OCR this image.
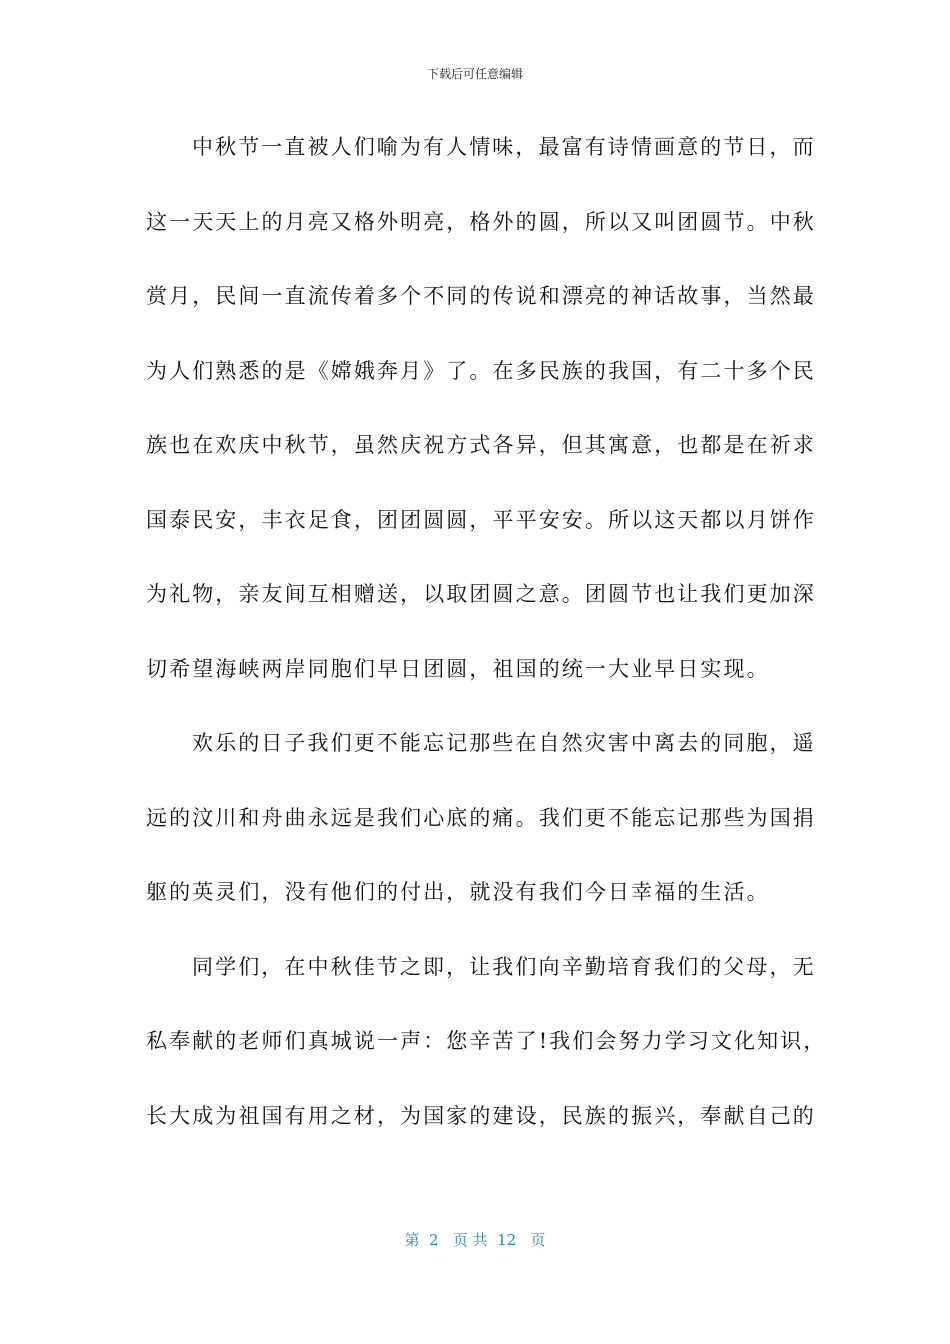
下载后可任意编辑
中秋节一直被人们喻为有人情味，最富有诗情画意的节日，而
这一天天上的月亮又格外明亮，格外的圆，所以又叫团圆节。中秋
赏月，民间一直流传着多个不同的传说和漂亮的神话故事，当然最
为人们熟悉的是《嫦娥奔月》了。在多民族的我国，有二十多个民
族也在欢庆中秋节，虽然庆祝方式各异，但其寓意，也都是在祈求
国泰民安，丰衣足食，团团圆圆，平平安安。所以这天都以月饼作
为礼物，亲友间互相赠送，以取团圆之意。团圆节也让我们更加深
切希望海峡两岸同胞们早日团圆，祖国的统一大业早日实现。
欢乐的日子我们更不能忘记那些在自然灾害中离去的同胞，遥
远的汶川和舟曲永远是我们心底的痛。我们更不能忘记那些为国捐
躯的英灵们，没有他们的付出，就没有我们今日幸福的生活。
同学们，在中秋佳节之即，让我们向辛勤培育我们的父母，无
私奉献的老师们真城说一声：您辛苦了!我们会努力学习文化知识，
长大成为祖国有用之材，为国家的建设，民族的振兴，奉献自己的
第  2   页 共  12   页
